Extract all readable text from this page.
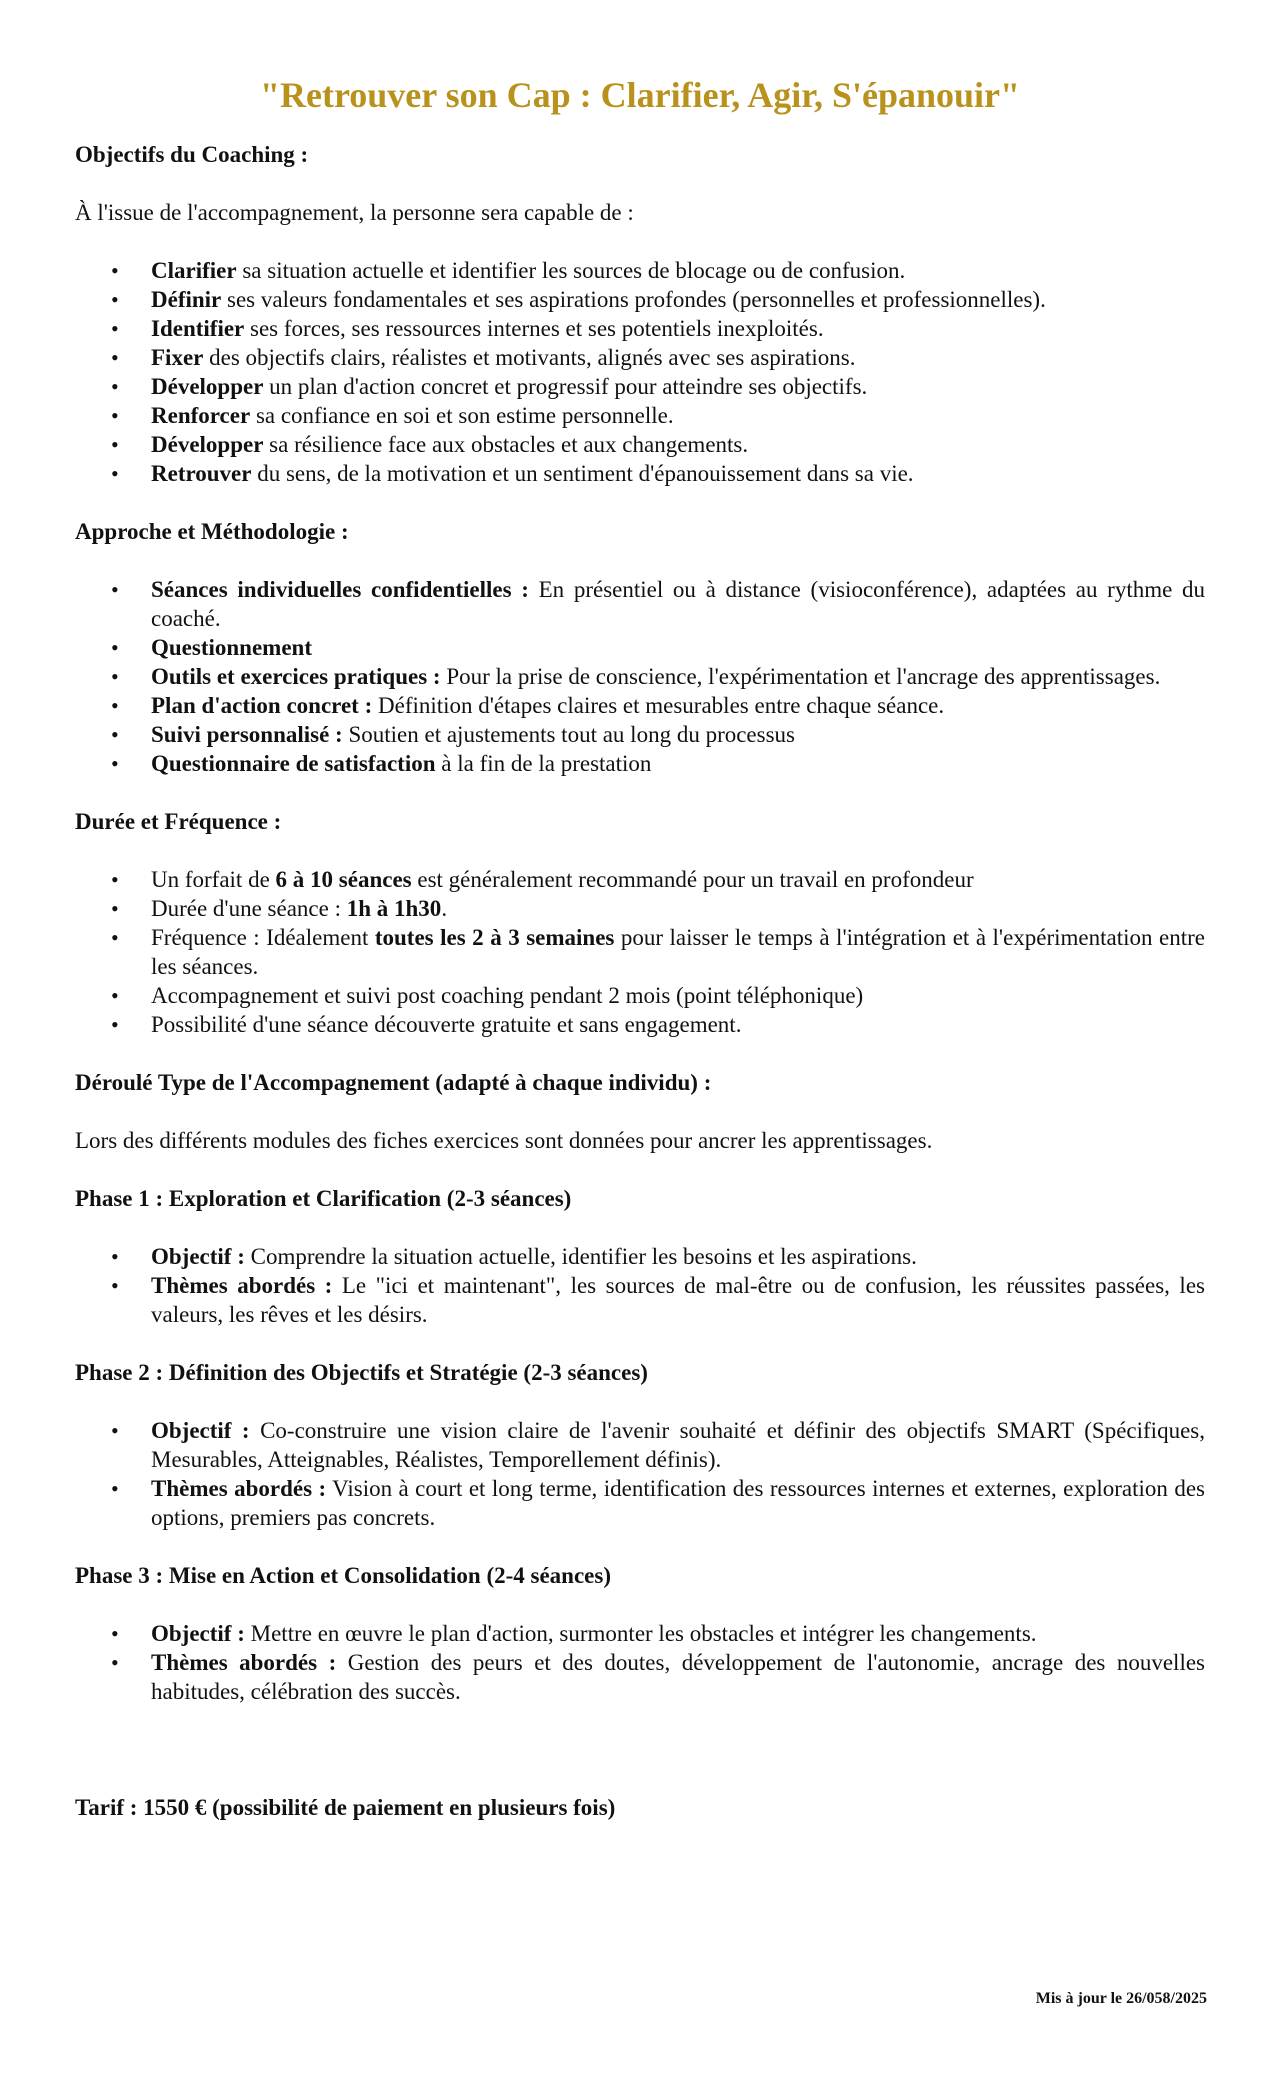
"Retrouver son Cap : Clarifier, Agir, S'épanouir"

Objectifs du Coaching :

À l'issue de l'accompagnement, la personne sera capable de :

• Clarifier sa situation actuelle et identifier les sources de blocage ou de confusion.
• Définir ses valeurs fondamentales et ses aspirations profondes (personnelles et professionnelles).
• Identifier ses forces, ses ressources internes et ses potentiels inexploités.
• Fixer des objectifs clairs, réalistes et motivants, alignés avec ses aspirations.
• Développer un plan d'action concret et progressif pour atteindre ses objectifs.
• Renforcer sa confiance en soi et son estime personnelle.
• Développer sa résilience face aux obstacles et aux changements.
• Retrouver du sens, de la motivation et un sentiment d'épanouissement dans sa vie.

Approche et Méthodologie :

• Séances individuelles confidentielles : En présentiel ou à distance (visioconférence), adaptées au rythme du coaché.
• Questionnement
• Outils et exercices pratiques : Pour la prise de conscience, l'expérimentation et l'ancrage des apprentissages.
• Plan d'action concret : Définition d'étapes claires et mesurables entre chaque séance.
• Suivi personnalisé : Soutien et ajustements tout au long du processus
• Questionnaire de satisfaction à la fin de la prestation

Durée et Fréquence :

• Un forfait de 6 à 10 séances est généralement recommandé pour un travail en profondeur
• Durée d'une séance : 1h à 1h30.
• Fréquence : Idéalement toutes les 2 à 3 semaines pour laisser le temps à l'intégration et à l'expérimentation entre les séances.
• Accompagnement et suivi post coaching pendant 2 mois (point téléphonique)
• Possibilité d'une séance découverte gratuite et sans engagement.

Déroulé Type de l'Accompagnement (adapté à chaque individu) :

Lors des différents modules des fiches exercices sont données pour ancrer les apprentissages.

Phase 1 : Exploration et Clarification (2-3 séances)

• Objectif : Comprendre la situation actuelle, identifier les besoins et les aspirations.
• Thèmes abordés : Le "ici et maintenant", les sources de mal-être ou de confusion, les réussites passées, les valeurs, les rêves et les désirs.

Phase 2 : Définition des Objectifs et Stratégie (2-3 séances)

• Objectif : Co-construire une vision claire de l'avenir souhaité et définir des objectifs SMART (Spécifiques, Mesurables, Atteignables, Réalistes, Temporellement définis).
• Thèmes abordés : Vision à court et long terme, identification des ressources internes et externes, exploration des options, premiers pas concrets.

Phase 3 : Mise en Action et Consolidation (2-4 séances)

• Objectif : Mettre en œuvre le plan d'action, surmonter les obstacles et intégrer les changements.
• Thèmes abordés : Gestion des peurs et des doutes, développement de l'autonomie, ancrage des nouvelles habitudes, célébration des succès.

Tarif : 1550 € (possibilité de paiement en plusieurs fois)

Mis à jour le 26/058/2025
